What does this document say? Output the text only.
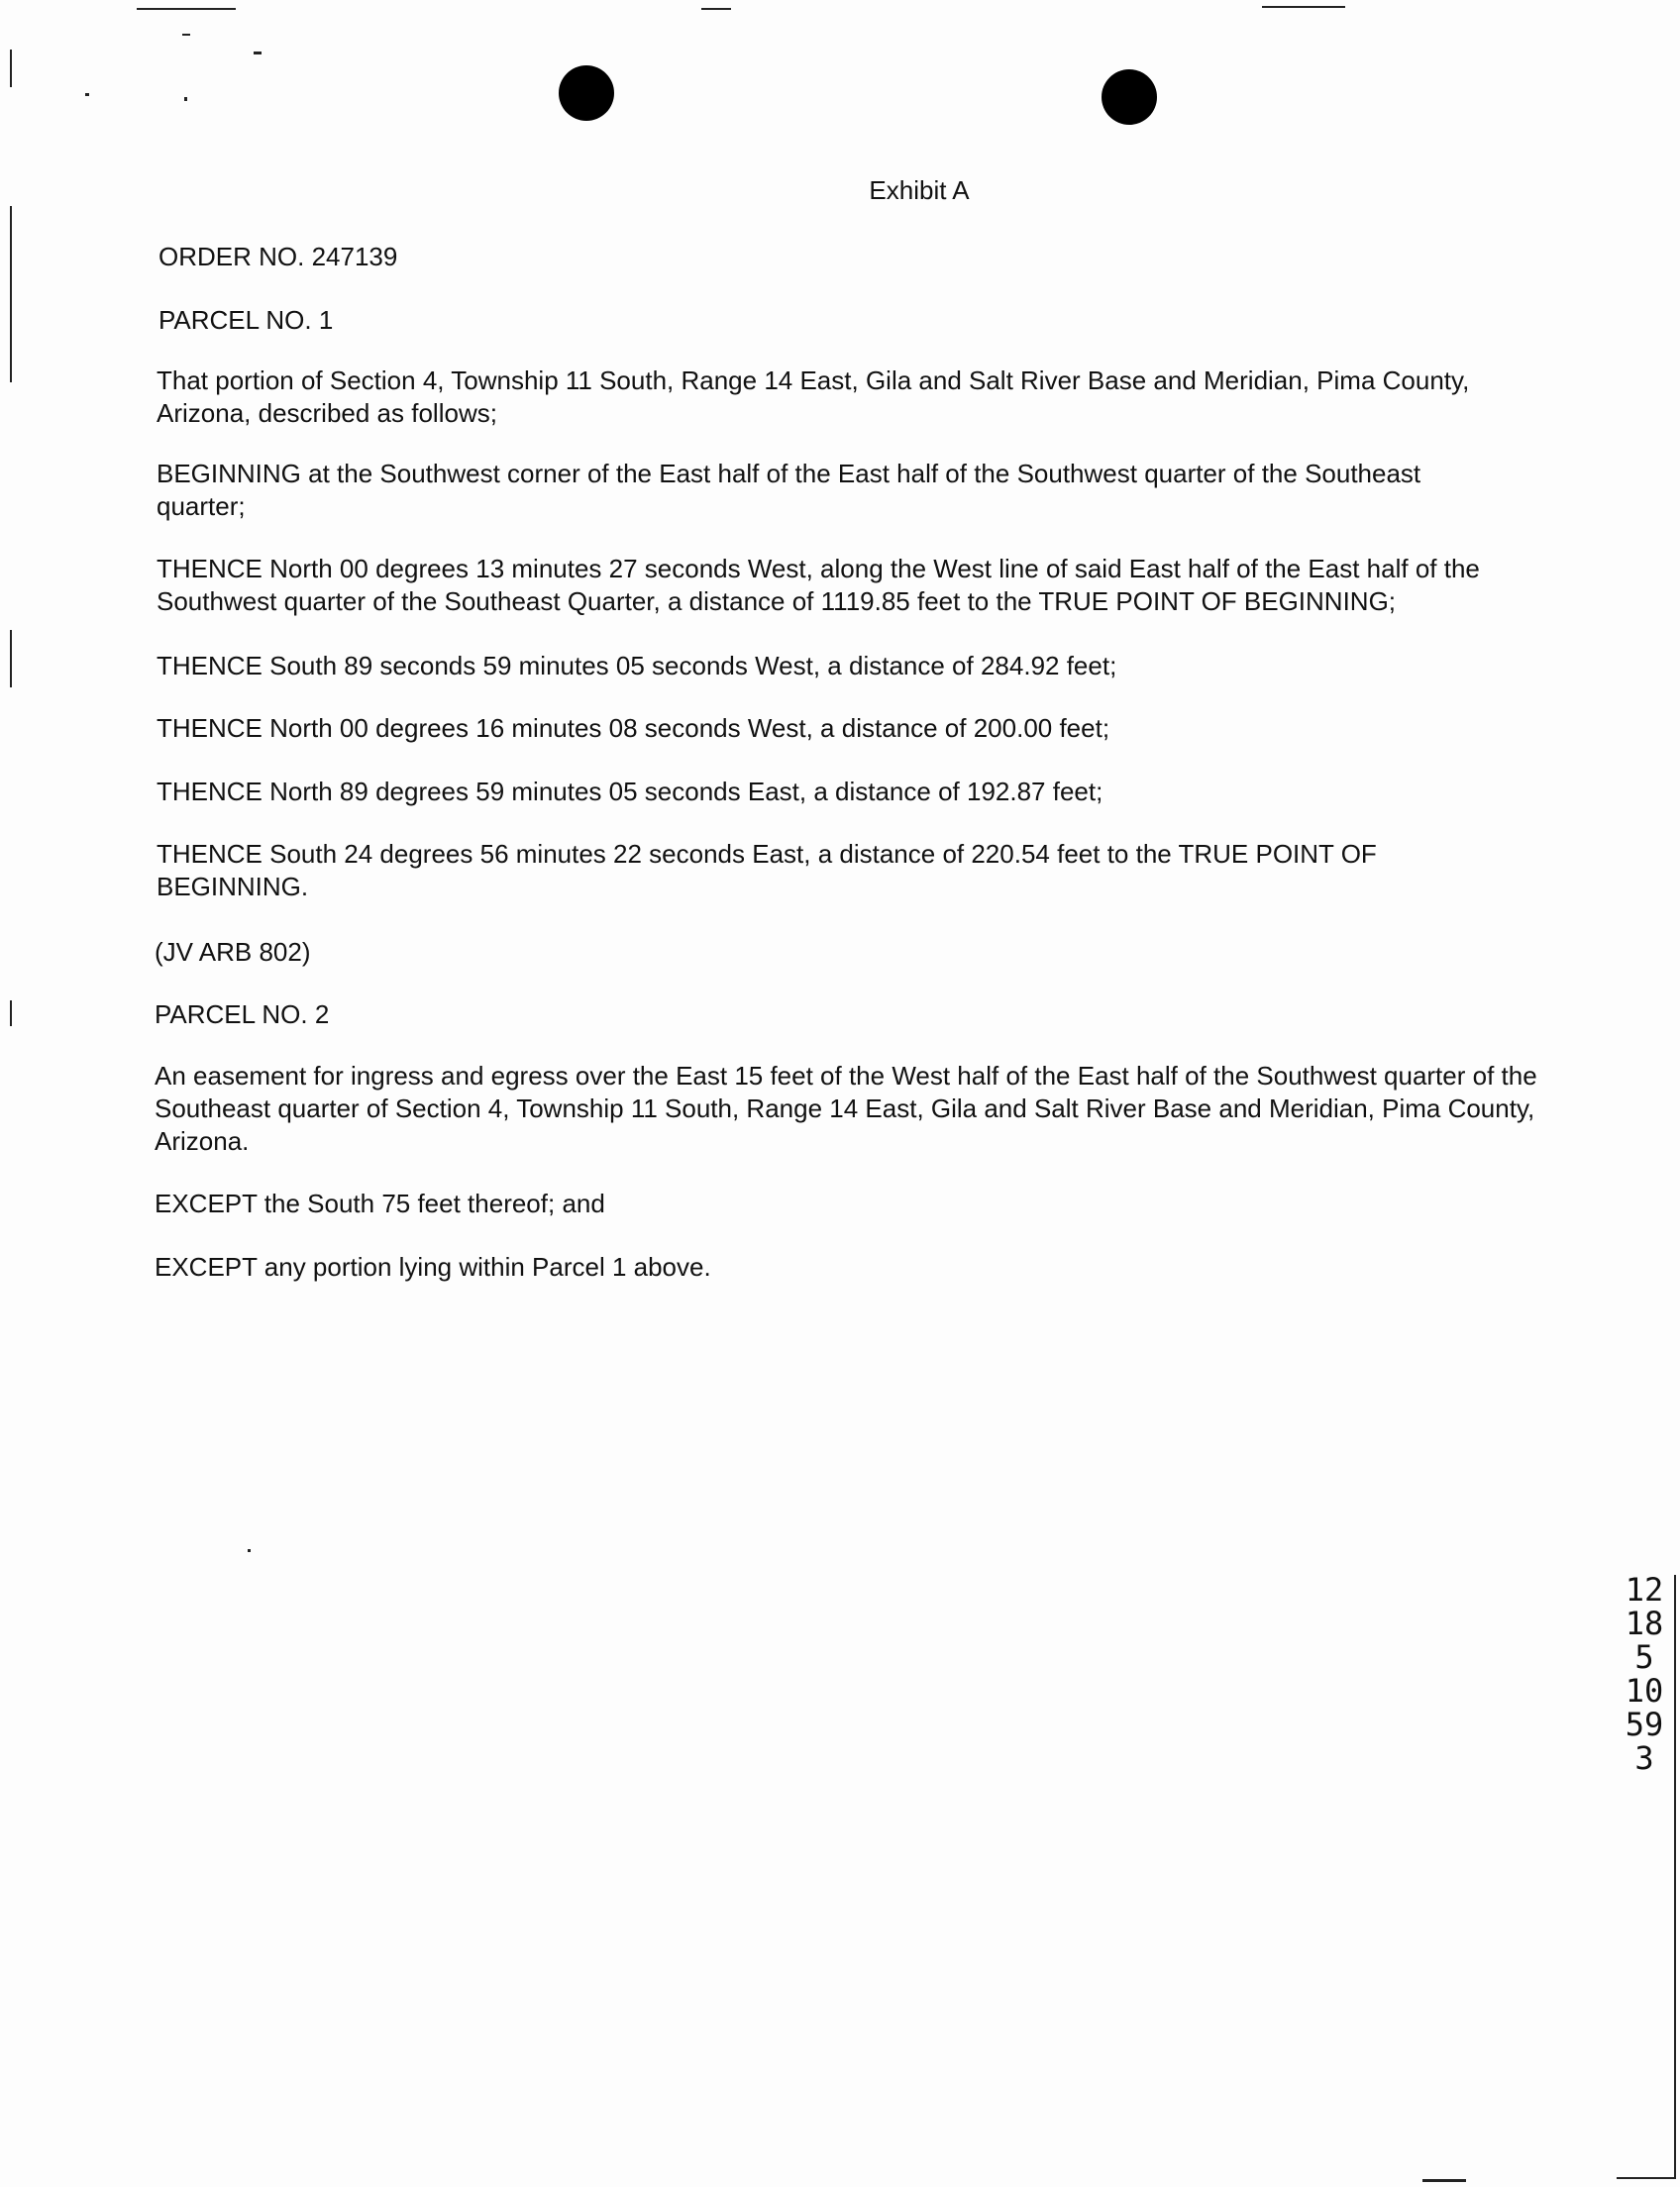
Exhibit A
ORDER NO. 247139
PARCEL NO. 1
That portion of Section 4, Township 11 South, Range 14 East, Gila and Salt River Base and Meridian, Pima County, Arizona, described as follows;
BEGINNING at the Southwest corner of the East half of the East half of the Southwest quarter of the Southeast quarter;
THENCE North 00 degrees 13 minutes 27 seconds West, along the West line of said East half of the East half of the Southwest quarter of the Southeast Quarter, a distance of 1119.85 feet to the TRUE POINT OF BEGINNING;
THENCE South 89 seconds 59 minutes 05 seconds West, a distance of 284.92 feet;
THENCE North 00 degrees 16 minutes 08 seconds West, a distance of 200.00 feet;
THENCE North 89 degrees 59 minutes 05 seconds East, a distance of 192.87 feet;
THENCE South 24 degrees 56 minutes 22 seconds East, a distance of 220.54 feet to the TRUE POINT OF BEGINNING.
(JV ARB 802)
PARCEL NO. 2
An easement for ingress and egress over the East 15 feet of the West half of the East half of the Southwest quarter of the Southeast quarter of Section 4, Township 11 South, Range 14 East, Gila and Salt River Base and Meridian, Pima County, Arizona.
EXCEPT the South 75 feet thereof; and
EXCEPT any portion lying within Parcel 1 above.
12185 10593
